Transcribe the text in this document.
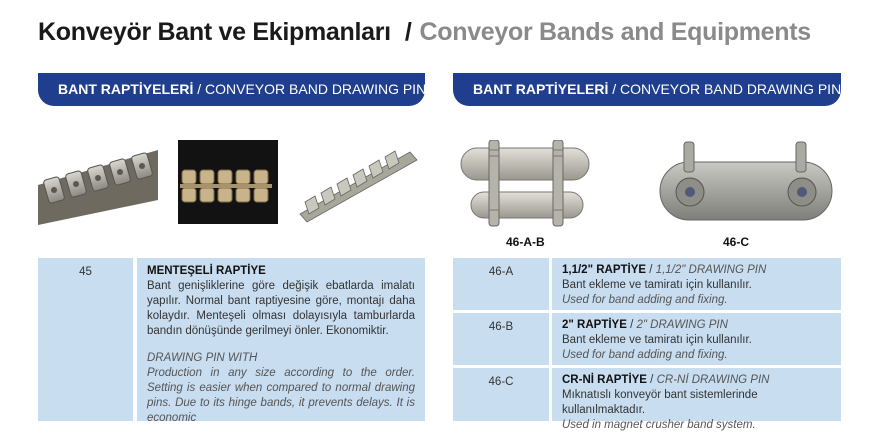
Konveyör Bant ve Ekipmanları / Conveyor Bands and Equipments
BANT RAPTİYELERİ / CONVEYOR BAND DRAWING PINS	BANT RAPTİYELERİ / CONVEYOR BAND DRAWING PINS
46-A-B	46-C
45	MENTEŞELİ RAPTİYE
Bant genişliklerine göre değişik ebatlarda imalatı yapılır. Normal bant raptiyesine göre, montajı daha kolaydır. Menteşeli olması dolayısıyla tamburlarda bandın dönüşünde gerilmeyi önler. Ekonomiktir.
DRAWING PIN WITH
Production in any size according to the order. Setting is easier when compared to normal drawing pins. Due to its hinge bands, it prevents delays. It is economic
46-A	1,1/2" RAPTİYE / 1,1/2" DRAWING PIN
Bant ekleme ve tamiratı için kullanılır.
Used for band adding and fixing.
46-B	2" RAPTİYE / 2" DRAWING PIN
Bant ekleme ve tamiratı için kullanılır.
Used for band adding and fixing.
46-C	CR-Nİ RAPTİYE / CR-Nİ DRAWING PIN
Mıknatıslı konveyör bant sistemlerinde kullanılmaktadır.
Used in magnet crusher band system.
